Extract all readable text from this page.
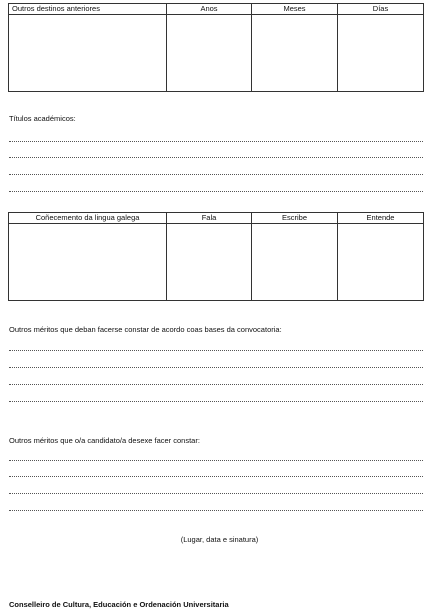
Outros destinos anteriores	Anos	Meses	Días

Títulos académicos:
Coñecemento da lingua galega	Fala	Escribe	Entende

Outros méritos que deban facerse constar de acordo coas bases da convocatoria:
Outros méritos que o/a candidato/a desexe facer constar:
(Lugar, data e sinatura)
Conselleiro de Cultura, Educación e Ordenación Universitaria
